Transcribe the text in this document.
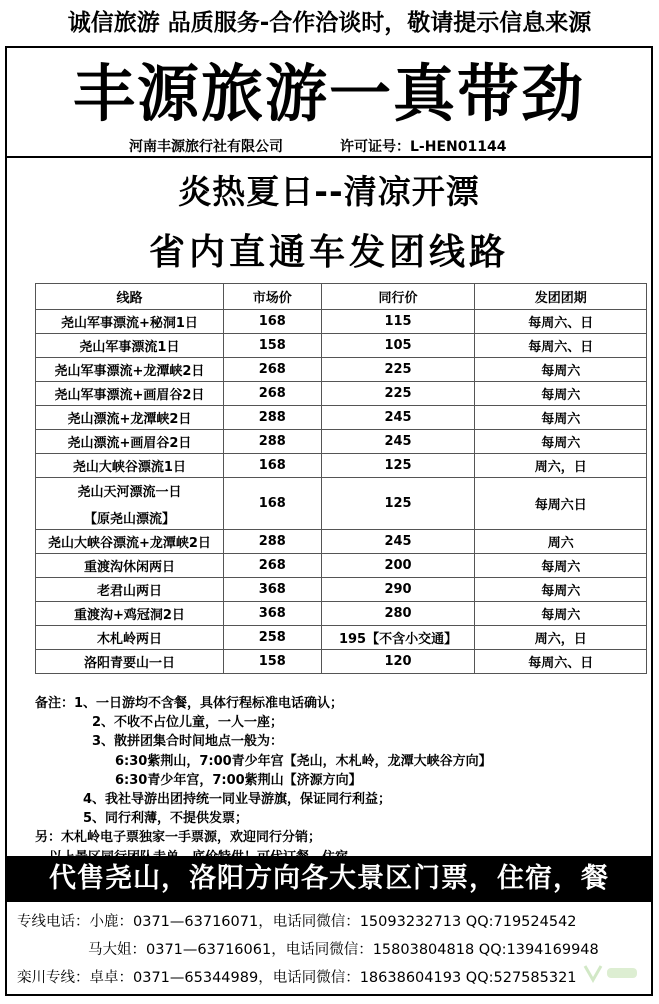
诚信旅游 品质服务-合作洽谈时，敬请提示信息来源
丰源旅游一真带劲
河南丰源旅行社有限公司	许可证号：L-HEN01144
炎热夏日--清凉开漂
省内直通车发团线路
线路	市场价	同行价	发团团期
尧山军事漂流+秘洞1日	168	115	每周六、日
尧山军事漂流1日	158	105	每周六、日
尧山军事漂流+龙潭峡2日	268	225	每周六
尧山军事漂流+画眉谷2日	268	225	每周六
尧山漂流+龙潭峡2日	288	245	每周六
尧山漂流+画眉谷2日	288	245	每周六
尧山大峡谷漂流1日	168	125	周六，日

尧山天河漂流一日
【原尧山漂流】	168	125	每周六日
尧山大峡谷漂流+龙潭峡2日	288	245	周六
重渡沟休闲两日	268	200	每周六
老君山两日	368	290	每周六
重渡沟+鸡冠洞2日	368	280	每周六
木札岭两日	258	195【不含小交通】	周六，日
洛阳青要山一日	158	120	每周六、日
备注：1、一日游均不含餐，具体行程标准电话确认；
2、不收不占位儿童，一人一座；
3、散拼团集合时间地点一般为：
6:30紫荆山，7:00青少年宫【尧山，木札岭，龙潭大峡谷方向】
6:30青少年宫，7:00紫荆山【济源方向】
4、我社导游出团持统一同业导游旗，保证同行利益；
5、同行利薄，不提供发票；
另：木札岭电子票独家一手票源，欢迎同行分销；
代售尧山，洛阳方向各大景区门票，住宿，餐
专线电话：小鹿：0371—63716071，电话同微信：15093232713 QQ:719524542
马大姐：0371—63716061，电话同微信：15803804818 QQ:1394169948
栾川专线：卓卓：0371—65344989，电话同微信：18638604193 QQ:527585321
